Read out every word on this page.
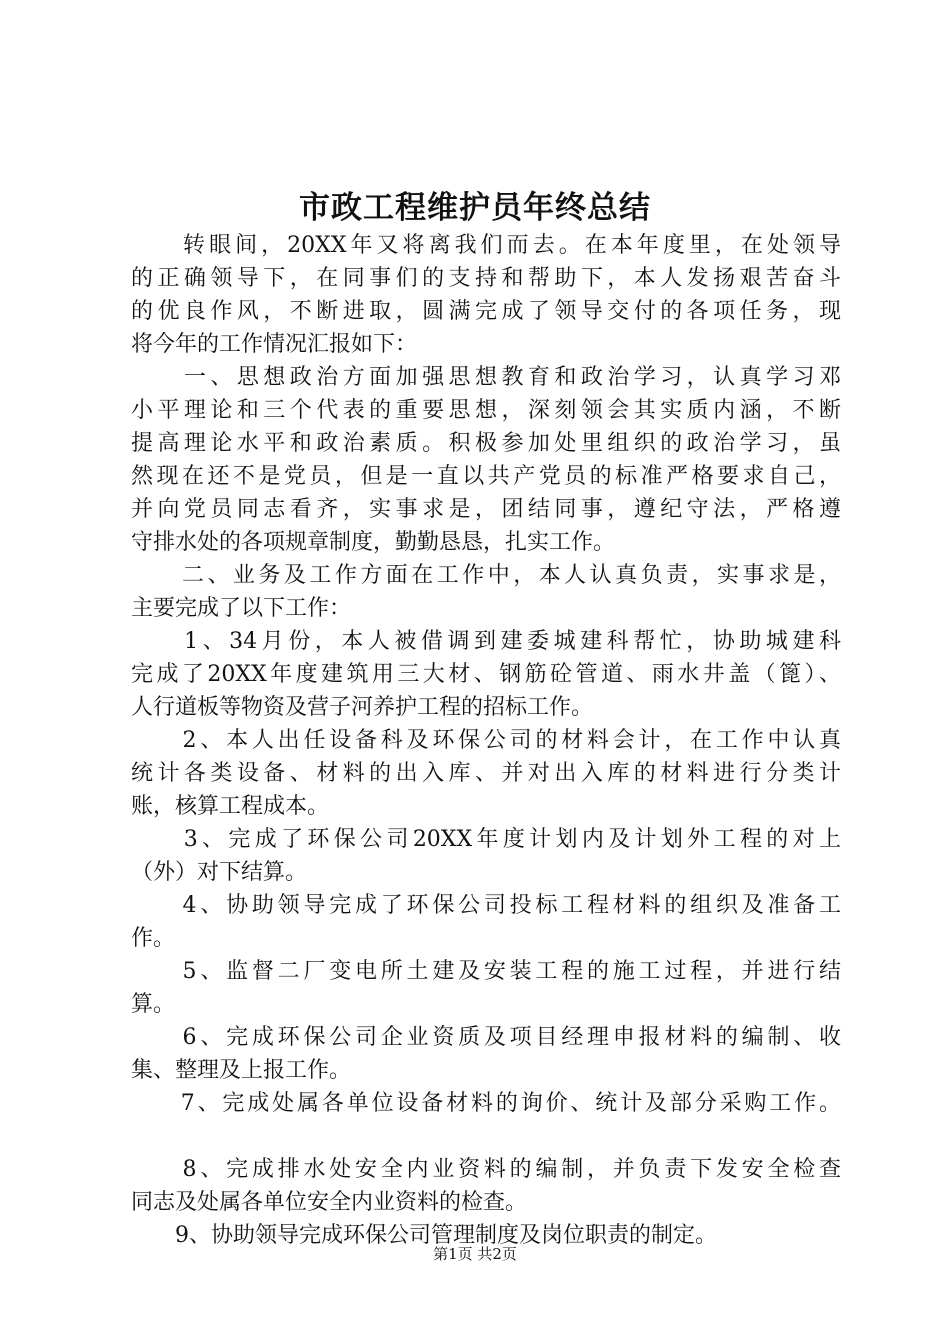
市政工程维护员年终总结
　　转眼间，20XX年又将离我们而去。在本年度里，在处领导
的正确领导下，在同事们的支持和帮助下，本人发扬艰苦奋斗
的优良作风，不断进取，圆满完成了领导交付的各项任务，现
将今年的工作情况汇报如下：
　　一、思想政治方面加强思想教育和政治学习，认真学习邓
小平理论和三个代表的重要思想，深刻领会其实质内涵，不断
提高理论水平和政治素质。积极参加处里组织的政治学习，虽
然现在还不是党员，但是一直以共产党员的标准严格要求自己，
并向党员同志看齐，实事求是，团结同事，遵纪守法，严格遵
守排水处的各项规章制度，勤勤恳恳，扎实工作。
　　二、业务及工作方面在工作中，本人认真负责，实事求是，
主要完成了以下工作：
　　1、34月份，本人被借调到建委城建科帮忙，协助城建科
完成了20XX年度建筑用三大材、钢筋砼管道、雨水井盖（篦）、
人行道板等物资及营子河养护工程的招标工作。
　　2、本人出任设备科及环保公司的材料会计，在工作中认真
统计各类设备、材料的出入库、并对出入库的材料进行分类计
账，核算工程成本。
　　3、完成了环保公司20XX年度计划内及计划外工程的对上
（外）对下结算。
　　4、协助领导完成了环保公司投标工程材料的组织及准备工
作。
　　5、监督二厂变电所土建及安装工程的施工过程，并进行结
算。
　　6、完成环保公司企业资质及项目经理申报材料的编制、收
集、整理及上报工作。
　　7、完成处属各单位设备材料的询价、统计及部分采购工作。
　　8、完成排水处安全内业资料的编制，并负责下发安全检查
同志及处属各单位安全内业资料的检查。
　　9、协助领导完成环保公司管理制度及岗位职责的制定。
第1页 共2页
